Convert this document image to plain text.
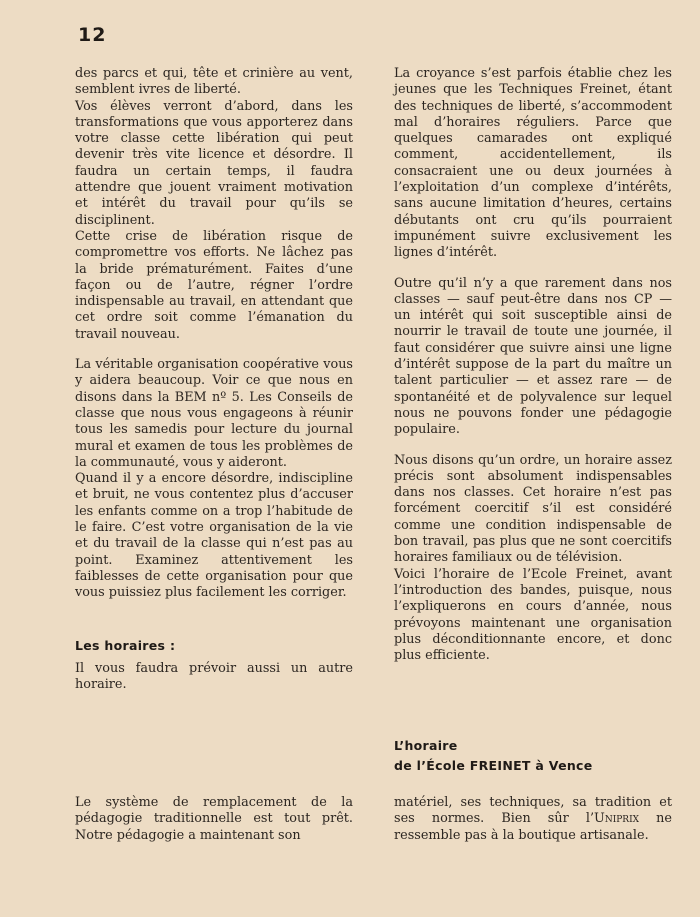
12

des parcs et qui, tête et crinière au vent, semblent ivres de liberté.

Vos élèves verront d’abord, dans les transformations que vous apporterez dans votre classe cette libération qui peut devenir très vite licence et désordre. Il faudra un certain temps, il faudra attendre que jouent vraiment motivation et intérêt du travail pour qu’ils se disciplinent.

Cette crise de libération risque de compromettre vos efforts. Ne lâchez pas la bride prématurément. Faites d’une façon ou de l’autre, régner l’ordre indispensable au travail, en attendant que cet ordre soit comme l’émanation du travail nouveau.

La véritable organisation coopérative vous y aidera beaucoup. Voir ce que nous en disons dans la BEM nº 5. Les Conseils de classe que nous vous engageons à réunir tous les samedis pour lecture du journal mural et examen de tous les problèmes de la communauté, vous y aideront.

Quand il y a encore désordre, indiscipline et bruit, ne vous contentez plus d’accuser les enfants comme on a trop l’habitude de le faire. C’est votre organisation de la vie et du travail de la classe qui n’est pas au point. Examinez attentivement les faiblesses de cette organisation pour que vous puissiez plus facilement les corriger.

Les horaires :
Il vous faudra prévoir aussi un autre horaire.

La croyance s’est parfois établie chez les jeunes que les Techniques Freinet, étant des techniques de liberté, s’accommodent mal d’horaires réguliers. Parce que quelques camarades ont expliqué comment, accidentellement, ils consacraient une ou deux journées à l’exploitation d’un complexe d’intérêts, sans aucune limitation d’heures, certains débutants ont cru qu’ils pourraient impunément suivre exclusivement les lignes d’intérêt.

Outre qu’il n’y a que rarement dans nos classes — sauf peut-être dans nos CP — un intérêt qui soit susceptible ainsi de nourrir le travail de toute une journée, il faut considérer que suivre ainsi une ligne d’intérêt suppose de la part du maître un talent particulier — et assez rare — de spontanéité et de polyvalence sur lequel nous ne pouvons fonder une pédagogie populaire.

Nous disons qu’un ordre, un horaire assez précis sont absolument indispensables dans nos classes. Cet horaire n’est pas forcément coercitif s’il est considéré comme une condition indispensable de bon travail, pas plus que ne sont coercitifs horaires familiaux ou de télévision.

Voici l’horaire de l’Ecole Freinet, avant l’introduction des bandes, puisque, nous l’expliquerons en cours d’année, nous prévoyons maintenant une organisation plus déconditionnante encore, et donc plus efficiente.

L’horaire
de l’École FREINET à Vence
Le système de remplacement de la pédagogie traditionnelle est tout prêt. Notre pédagogie a maintenant son
matériel, ses techniques, sa tradition et ses normes. Bien sûr l’Uniprix ne ressemble pas à la boutique artisanale.
